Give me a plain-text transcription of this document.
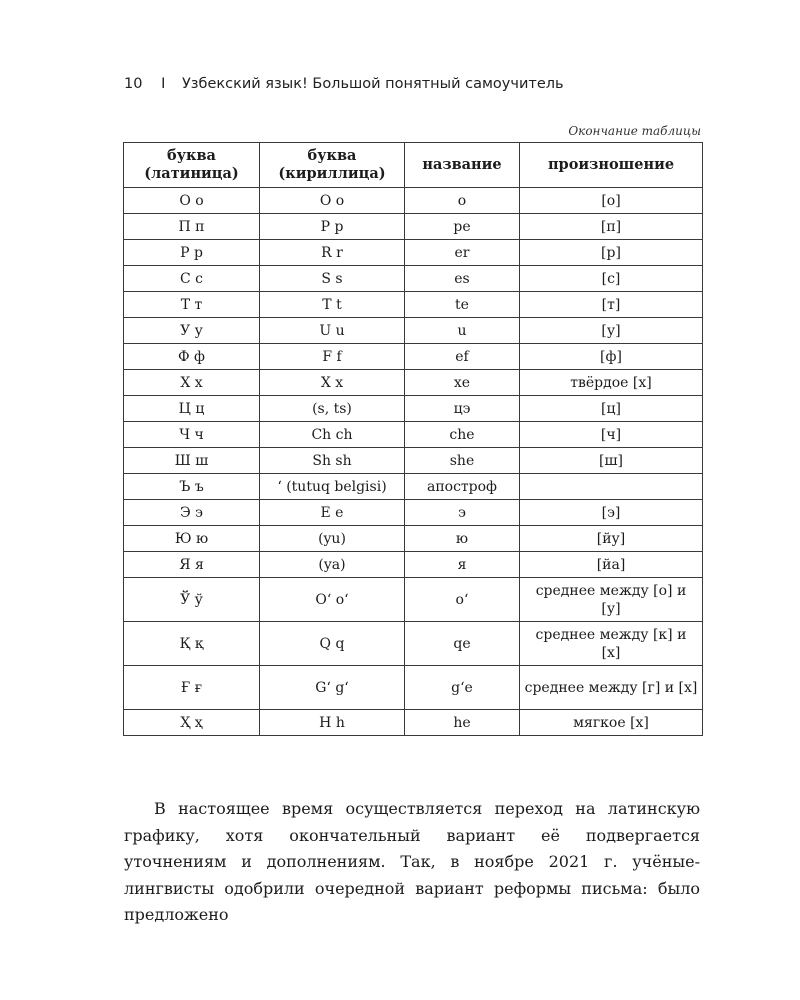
10 I Узбекский язык! Большой понятный самоучитель
Окончание таблицы
буква (латиница)	буква (кириллица)	название	произношение
О о	O o	o	[о]
П п	P p	pe	[п]
Р р	R r	er	[р]
С с	S s	es	[с]
Т т	T t	te	[т]
У у	U u	u	[у]
Ф ф	F f	ef	[ф]
Х х	X x	xe	твёрдое [х]
Ц ц	(s, ts)	цэ	[ц]
Ч ч	Ch ch	che	[ч]
Ш ш	Sh sh	she	[ш]
Ъ ъ	ʻ (tutuq belgisi)	апостроф	
Э э	E e	э	[э]
Ю ю	(yu)	ю	[йу]
Я я	(ya)	я	[йа]
Ў ў	Oʻ oʻ	oʻ	среднее между [о] и [у]
Қ қ	Q q	qe	среднее между [к] и [х]
Ғ ғ	Gʻ gʻ	gʻe	среднее между [г] и [х]
Ҳ ҳ	H h	he	мягкое [х]

В настоящее время осуществляется переход на латинскую графику, хотя окончательный вариант её подвергается уточнениям и дополнениям. Так, в ноябре 2021 г. учёные-лингвисты одобрили очередной вариант реформы письма: было предложено
